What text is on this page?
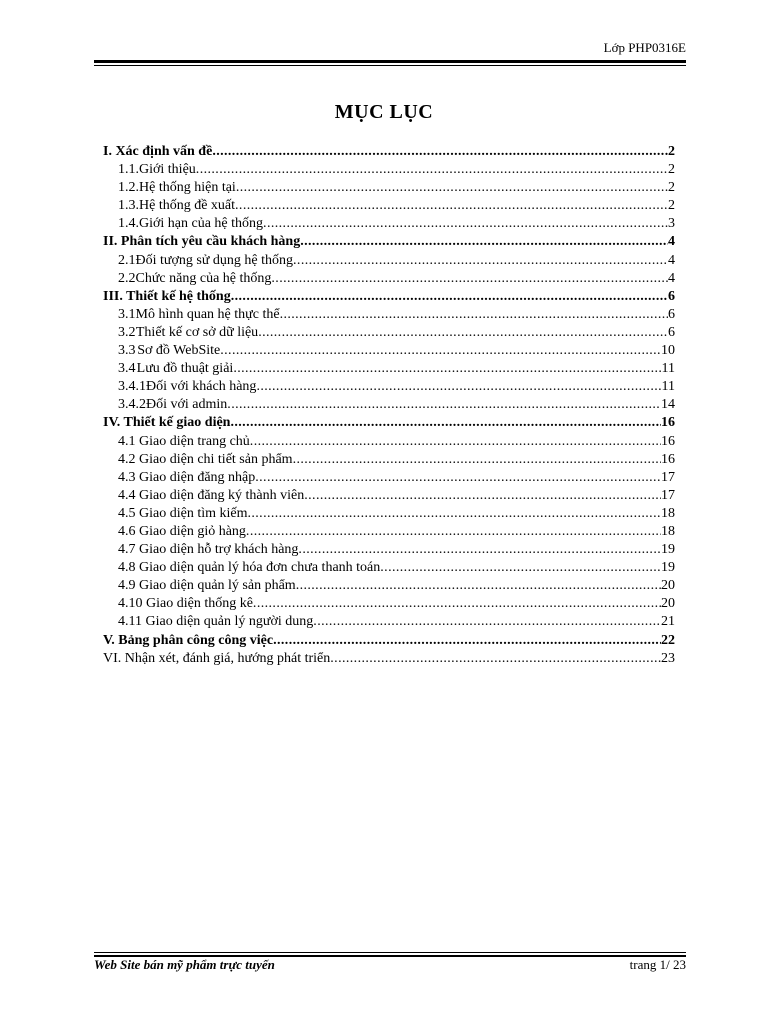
Lớp PHP0316E
MỤC LỤC
I. Xác định vấn đề .....	2
1.1. Giới thiệu .....	2
1.2. Hệ thống hiện tại .....	2
1.3. Hệ thống đề xuất .....	2
1.4. Giới hạn của hệ thống .....	3
II. Phân tích yêu cầu khách hàng .....	4
2.1 Đối tượng sử dụng hệ thống .....	4
2.2 Chức năng của hệ thống .....	4
III. Thiết kế hệ thống .....	6
3.1 Mô hình quan hệ thực thể .....	6
3.2 Thiết kế cơ sở dữ liệu .....	6
3.3 Sơ đồ WebSite .....	10
3.4 Lưu đồ thuật giải .....	11
3.4.1 Đối với khách hàng .....	11
3.4.2 Đối với admin .....	14
IV. Thiết kế giao diện .....	16
4.1 Giao diện trang chủ .....	16
4.2 Giao diện chi tiết sản phẩm .....	16
4.3 Giao diện đăng nhập .....	17
4.4 Giao diện đăng ký thành viên .....	17
4.5 Giao diện tìm kiếm .....	18
4.6 Giao diện giỏ hàng .....	18
4.7 Giao diện hỗ trợ khách hàng .....	19
4.8 Giao diện quản lý hóa đơn chưa thanh toán .....	19
4.9 Giao diện quản lý sản phẩm .....	20
4.10 Giao diện thống kê .....	20
4.11 Giao diện quản lý người dung .....	21
V. Bảng phân công công việc .....	22
VI. Nhận xét, đánh giá, hướng phát triển .....	23
Web Site bán mỹ phẩm trực tuyến	trang 1/ 23
